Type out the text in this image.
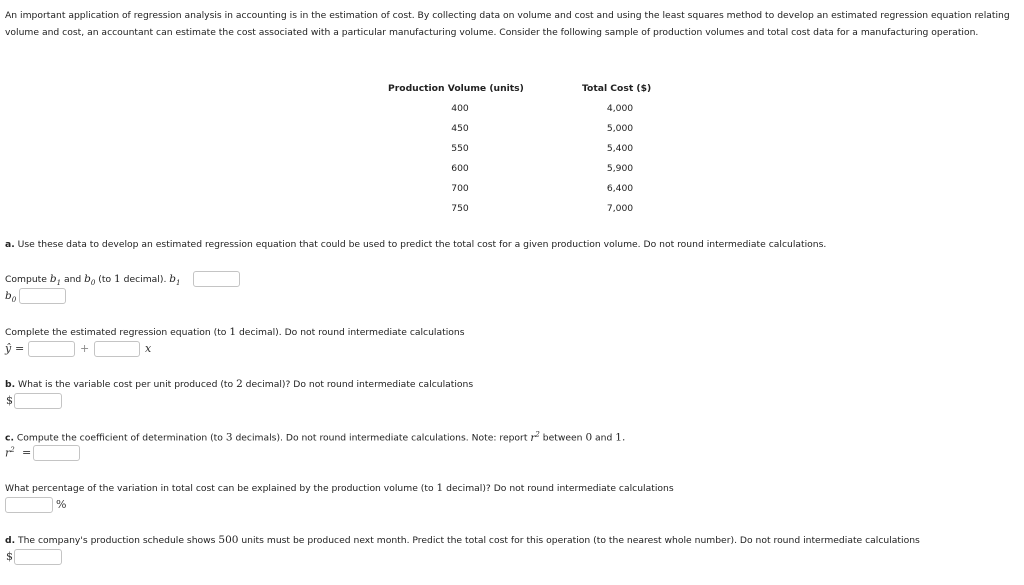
An important application of regression analysis in accounting is in the estimation of cost. By collecting data on volume and cost and using the least squares method to develop an estimated regression equation relating volume and cost, an accountant can estimate the cost associated with a particular manufacturing volume. Consider the following sample of production volumes and total cost data for a manufacturing operation.
Production Volume (units)	Total Cost ($)
400	4,000
450	5,000
550	5,400
600	5,900
700	6,400
750	7,000
a. Use these data to develop an estimated regression equation that could be used to predict the total cost for a given production volume. Do not round intermediate calculations.
Compute $b_1$ and $b_0$ (to 1 decimal). $b_1$
$b_0$
Complete the estimated regression equation (to 1 decimal). Do not round intermediate calculations
ŷ =	+	x
b. What is the variable cost per unit produced (to 2 decimal)? Do not round intermediate calculations
$
c. Compute the coefficient of determination (to 3 decimals). Do not round intermediate calculations. Note: report $r^2$ between 0 and 1.
$r^2$ =
What percentage of the variation in total cost can be explained by the production volume (to 1 decimal)? Do not round intermediate calculations
%
d. The company's production schedule shows 500 units must be produced next month. Predict the total cost for this operation (to the nearest whole number). Do not round intermediate calculations
$
